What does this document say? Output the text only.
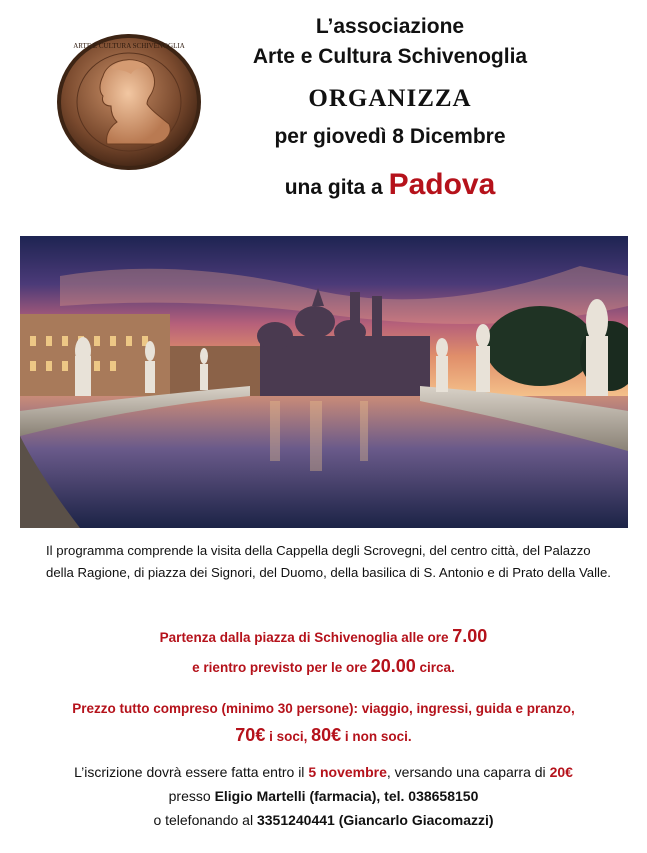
ARTE E CULTURA SCHIVENOGLIA
L’associazione
Arte e Cultura Schivenoglia
ORGANIZZA
per giovedì 8 Dicembre
una gita a Padova
Il programma comprende la visita della Cappella degli Scrovegni, del centro città, del Palazzo della Ragione, di piazza dei Signori, del Duomo, della basilica di S. Antonio e di Prato della Valle.
Partenza dalla piazza di Schivenoglia alle ore 7.00
e rientro previsto per le ore 20.00 circa.
Prezzo tutto compreso (minimo 30 persone): viaggio, ingressi, guida e pranzo,
70€ i soci, 80€ i non soci.
L’iscrizione dovrà essere fatta entro il 5 novembre, versando una caparra di 20€
presso Eligio Martelli (farmacia), tel. 038658150
o telefonando al 3351240441 (Giancarlo Giacomazzi)
